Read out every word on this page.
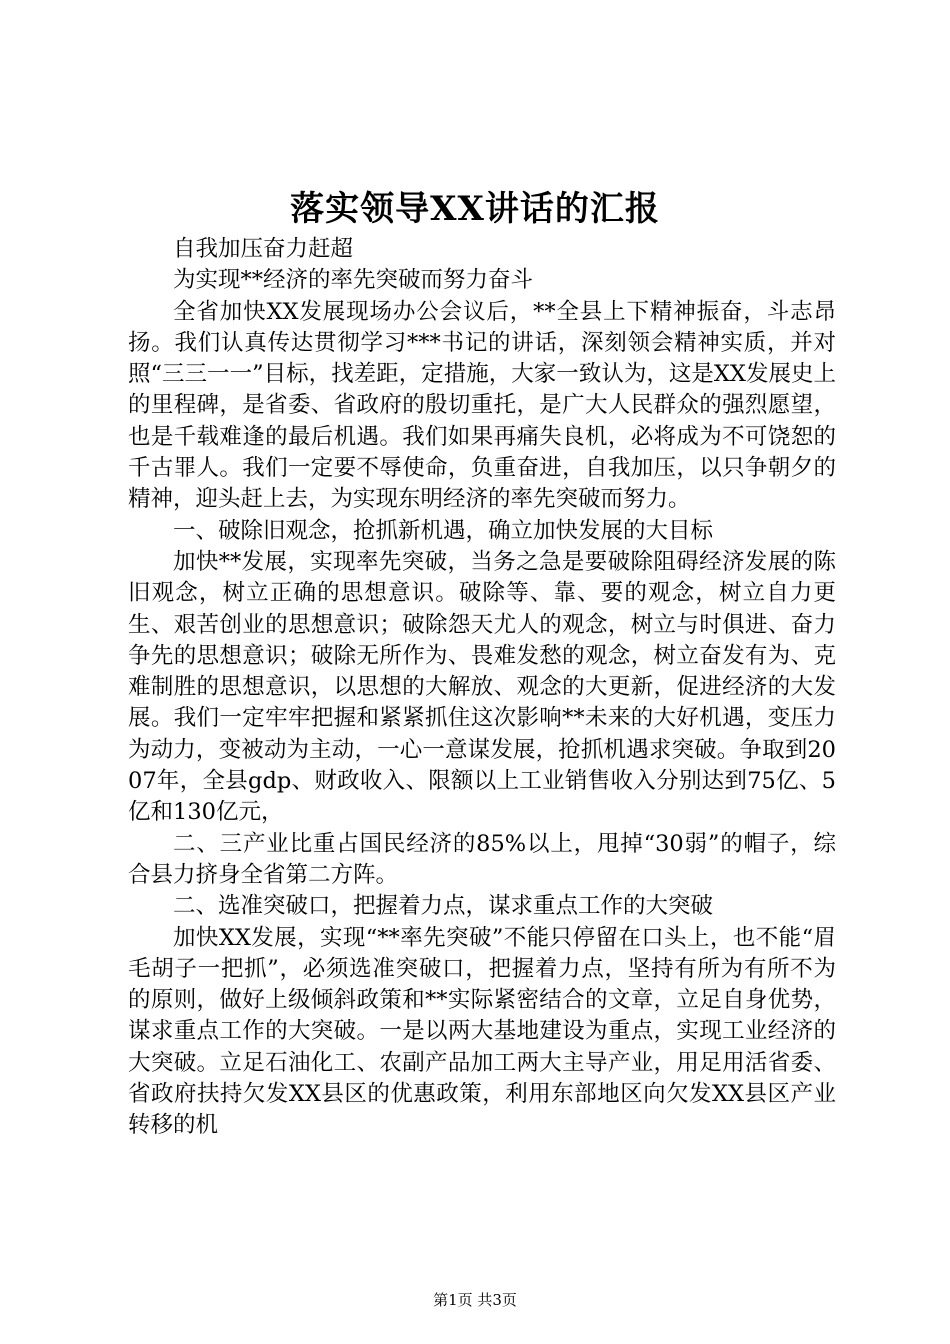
落实领导XX讲话的汇报

自我加压奋力赶超

为实现**经济的率先突破而努力奋斗

全省加快XX发展现场办公会议后，**全县上下精神振奋，斗志昂扬。我们认真传达贯彻学习***书记的讲话，深刻领会精神实质，并对照“三三一一”目标，找差距，定措施，大家一致认为，这是XX发展史上的里程碑，是省委、省政府的殷切重托，是广大人民群众的强烈愿望，也是千载难逢的最后机遇。我们如果再痛失良机，必将成为不可饶恕的千古罪人。我们一定要不辱使命，负重奋进，自我加压，以只争朝夕的精神，迎头赶上去，为实现东明经济的率先突破而努力。

一、破除旧观念，抢抓新机遇，确立加快发展的大目标

加快**发展，实现率先突破，当务之急是要破除阻碍经济发展的陈旧观念，树立正确的思想意识。破除等、靠、要的观念，树立自力更生、艰苦创业的思想意识；破除怨天尤人的观念，树立与时俱进、奋力争先的思想意识；破除无所作为、畏难发愁的观念，树立奋发有为、克难制胜的思想意识，以思想的大解放、观念的大更新，促进经济的大发展。我们一定牢牢把握和紧紧抓住这次影响**未来的大好机遇，变压力为动力，变被动为主动，一心一意谋发展，抢抓机遇求突破。争取到2007年，全县gdp、财政收入、限额以上工业销售收入分别达到75亿、5亿和130亿元，

二、三产业比重占国民经济的85%以上，甩掉“30弱”的帽子，综合县力挤身全省第二方阵。

二、选准突破口，把握着力点，谋求重点工作的大突破

加快XX发展，实现“**率先突破”不能只停留在口头上，也不能“眉毛胡子一把抓”，必须选准突破口，把握着力点，坚持有所为有所不为的原则，做好上级倾斜政策和**实际紧密结合的文章，立足自身优势，谋求重点工作的大突破。一是以两大基地建设为重点，实现工业经济的大突破。立足石油化工、农副产品加工两大主导产业，用足用活省委、省政府扶持欠发XX县区的优惠政策，利用东部地区向欠发XX县区产业转移的机

第1页 共3页
